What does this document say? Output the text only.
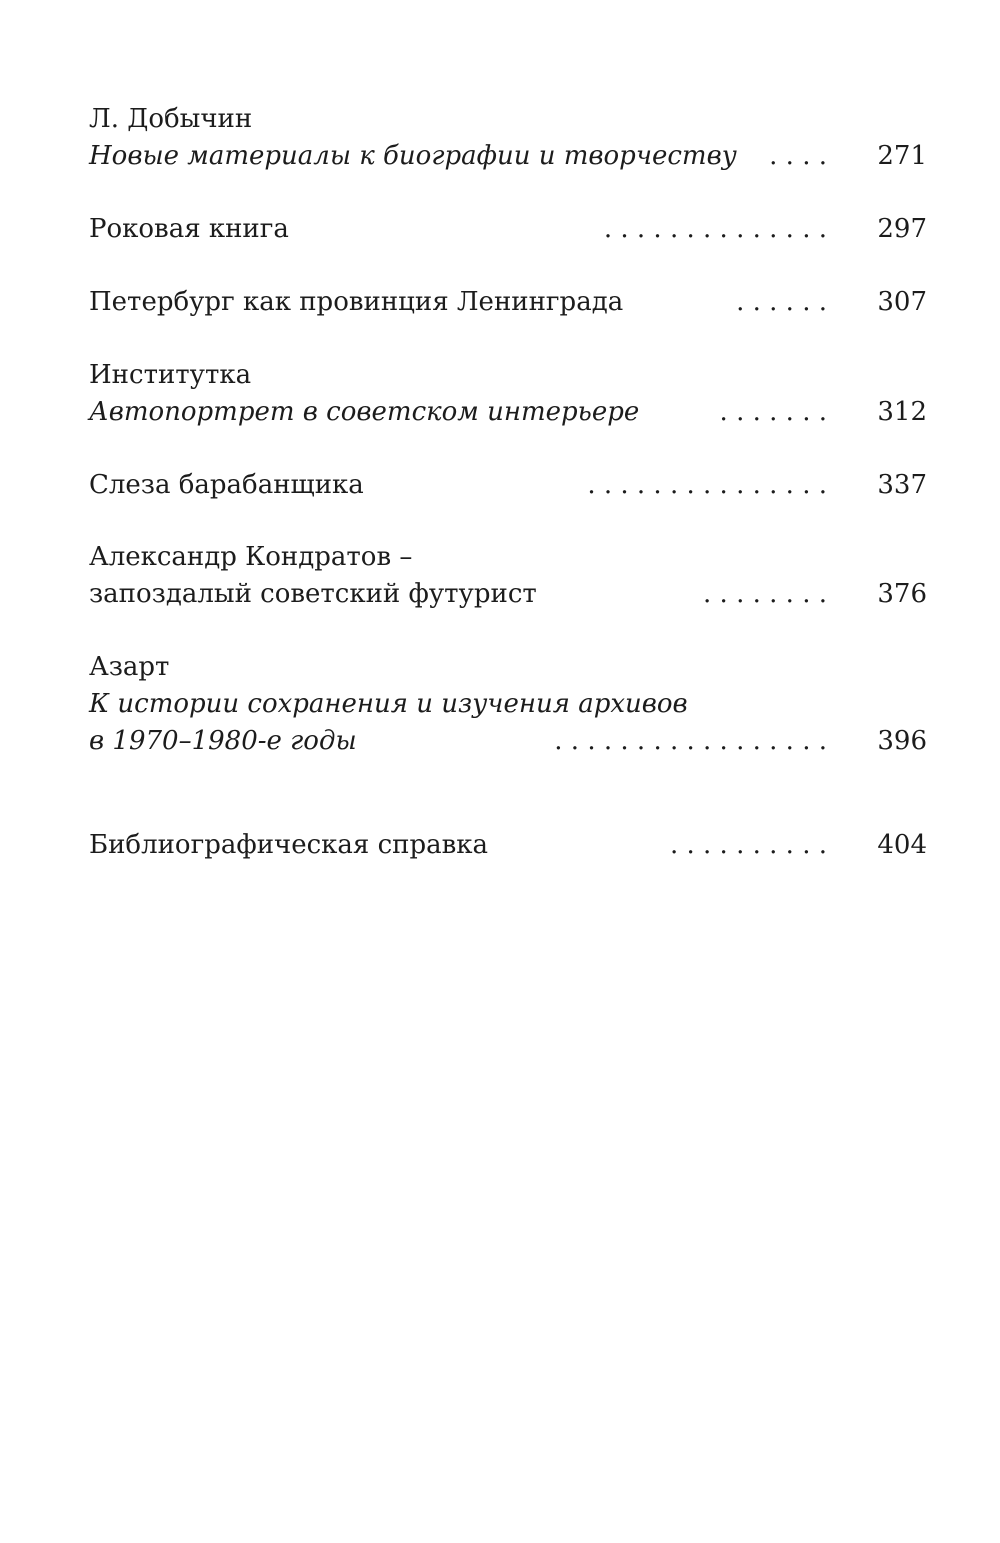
Л. Добычин
Новые материалы к биографии и творчеству . . . . 271
Роковая книга	. . . . . . . . . . . . . . 297
Петербург как провинция Ленинграда	. . . . . . 307
Институтка
Автопортрет в советском интерьере	. . . . . . . 312
Слеза барабанщика	. . . . . . . . . . . . . . . 337
Александр Кондратов –
запоздалый советский футурист	. . . . . . . . 376
Азарт
К истории сохранения и изучения архивов
в 1970–1980-е годы	. . . . . . . . . . . . . . . . . 396
Библиографическая справка	. . . . . . . . . . 404
